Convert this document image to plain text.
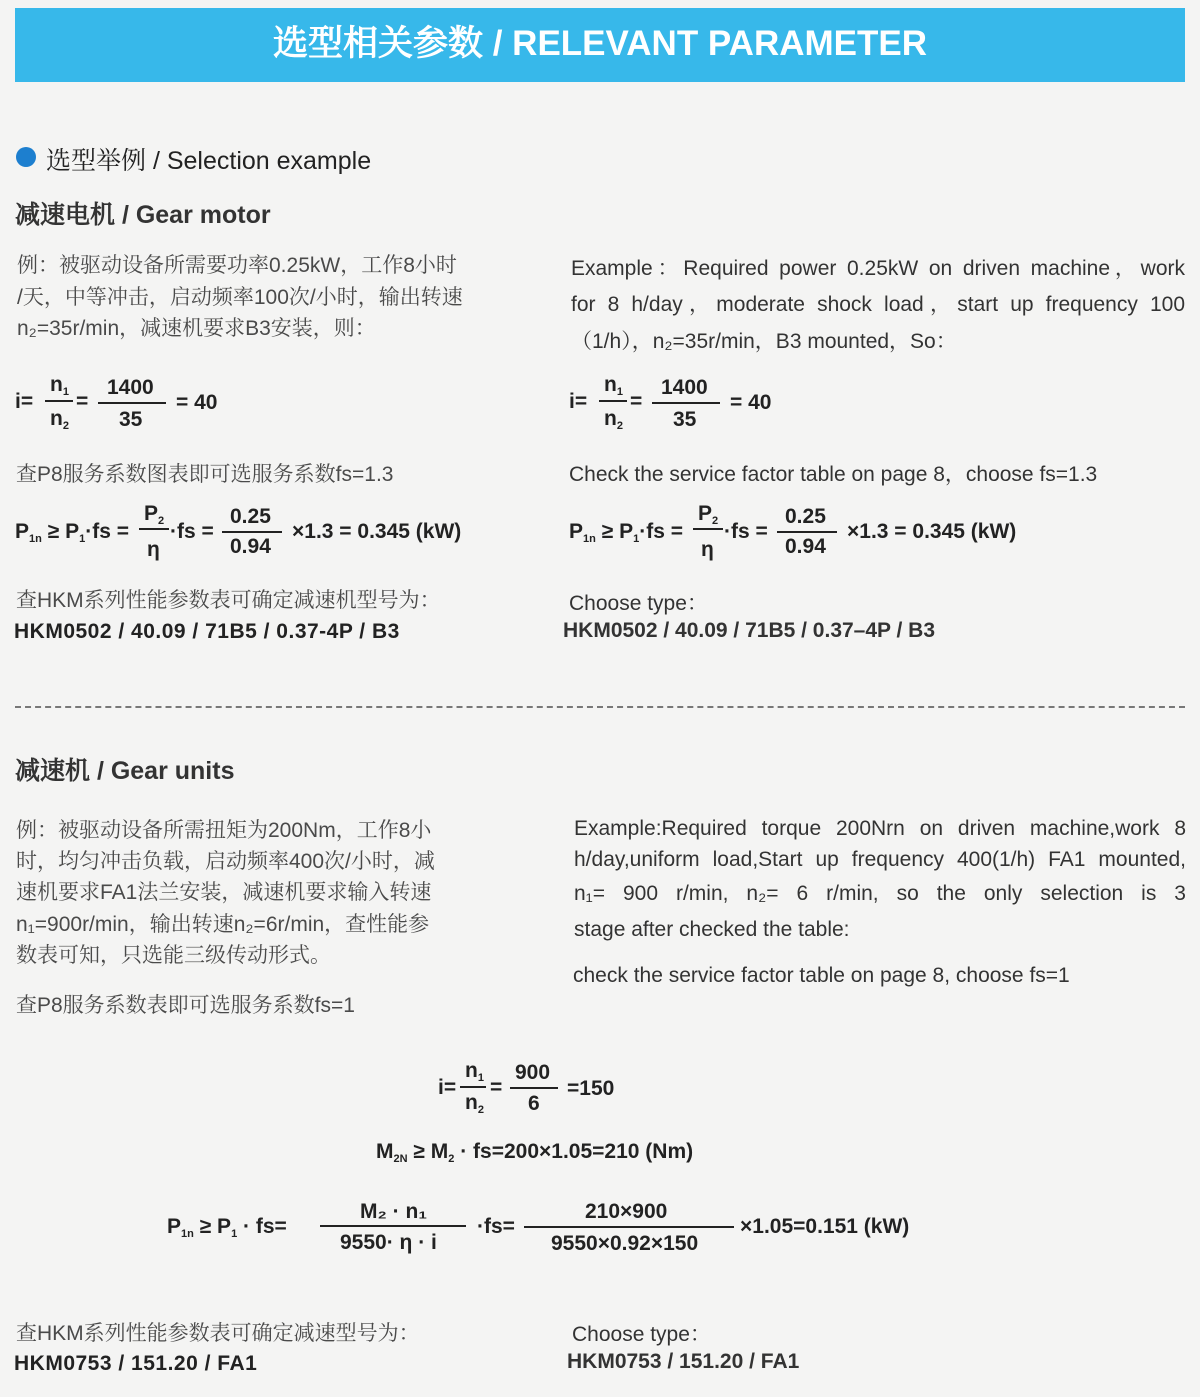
选型相关参数 / RELEVANT PARAMETER
选型举例 / Selection example
减速电机 / Gear motor
例：被驱动设备所需要功率0.25kW，工作8小时
/天，中等冲击，启动频率100次/小时，输出转速
n₂=35r/min，减速机要求B3安装，则：
Example：Required power 0.25kW on driven machine，work
for 8 h/day，moderate shock load，start up frequency 100
（1/h），n₂=35r/min，B3 mounted，So：
i=
$n_1$
$n_2$
=
1400
35
= 40	i=
$n_1$
$n_2$
=
1400
35
= 40
查P8服务系数图表即可选服务系数fs=1.3	Check the service factor table on page 8，choose fs=1.3
$P_{1n} \ge P_1\cdot fs$ =
$P_2$
η
·fs =
0.25
0.94
×1.3 = 0.345 (kW)	$P_{1n} \ge P_1\cdot fs$ =
$P_2$
η
·fs =
0.25
0.94
×1.3 = 0.345 (kW)
查HKM系列性能参数表可确定减速机型号为：	Choose type：
HKM0502 / 40.09 / 71B5 / 0.37-4P / B3	HKM0502 / 40.09 / 71B5 / 0.37–4P / B3
减速机 / Gear units
例：被驱动设备所需扭矩为200Nm，工作8小
时，均匀冲击负载，启动频率400次/小时，减
速机要求FA1法兰安装，减速机要求输入转速
n₁=900r/min，输出转速n₂=6r/min，查性能参
数表可知，只选能三级传动形式。
查P8服务系数表即可选服务系数fs=1
Example:Required torque 200Nrn on driven machine,work 8
h/day,uniform load,Start up frequency 400(1/h) FA1 mounted,
n₁= 900 r/min, n₂= 6 r/min, so the only selection is 3
stage after checked the table:
check the service factor table on page 8, choose fs=1
i=
$n_1$
$n_2$
=
900
6
=150
$M_{2N} \ge M_2 \cdot fs=200\times 1.05=210$ (Nm)
$P_{1n} \ge P_1 \cdot fs=$
M₂ · n₁
9550· η · i
·fs=
210×900
9550×0.92×150
×1.05=0.151 (kW)
查HKM系列性能参数表可确定减速型号为：	Choose type：
HKM0753 / 151.20 / FA1	HKM0753 / 151.20 / FA1
